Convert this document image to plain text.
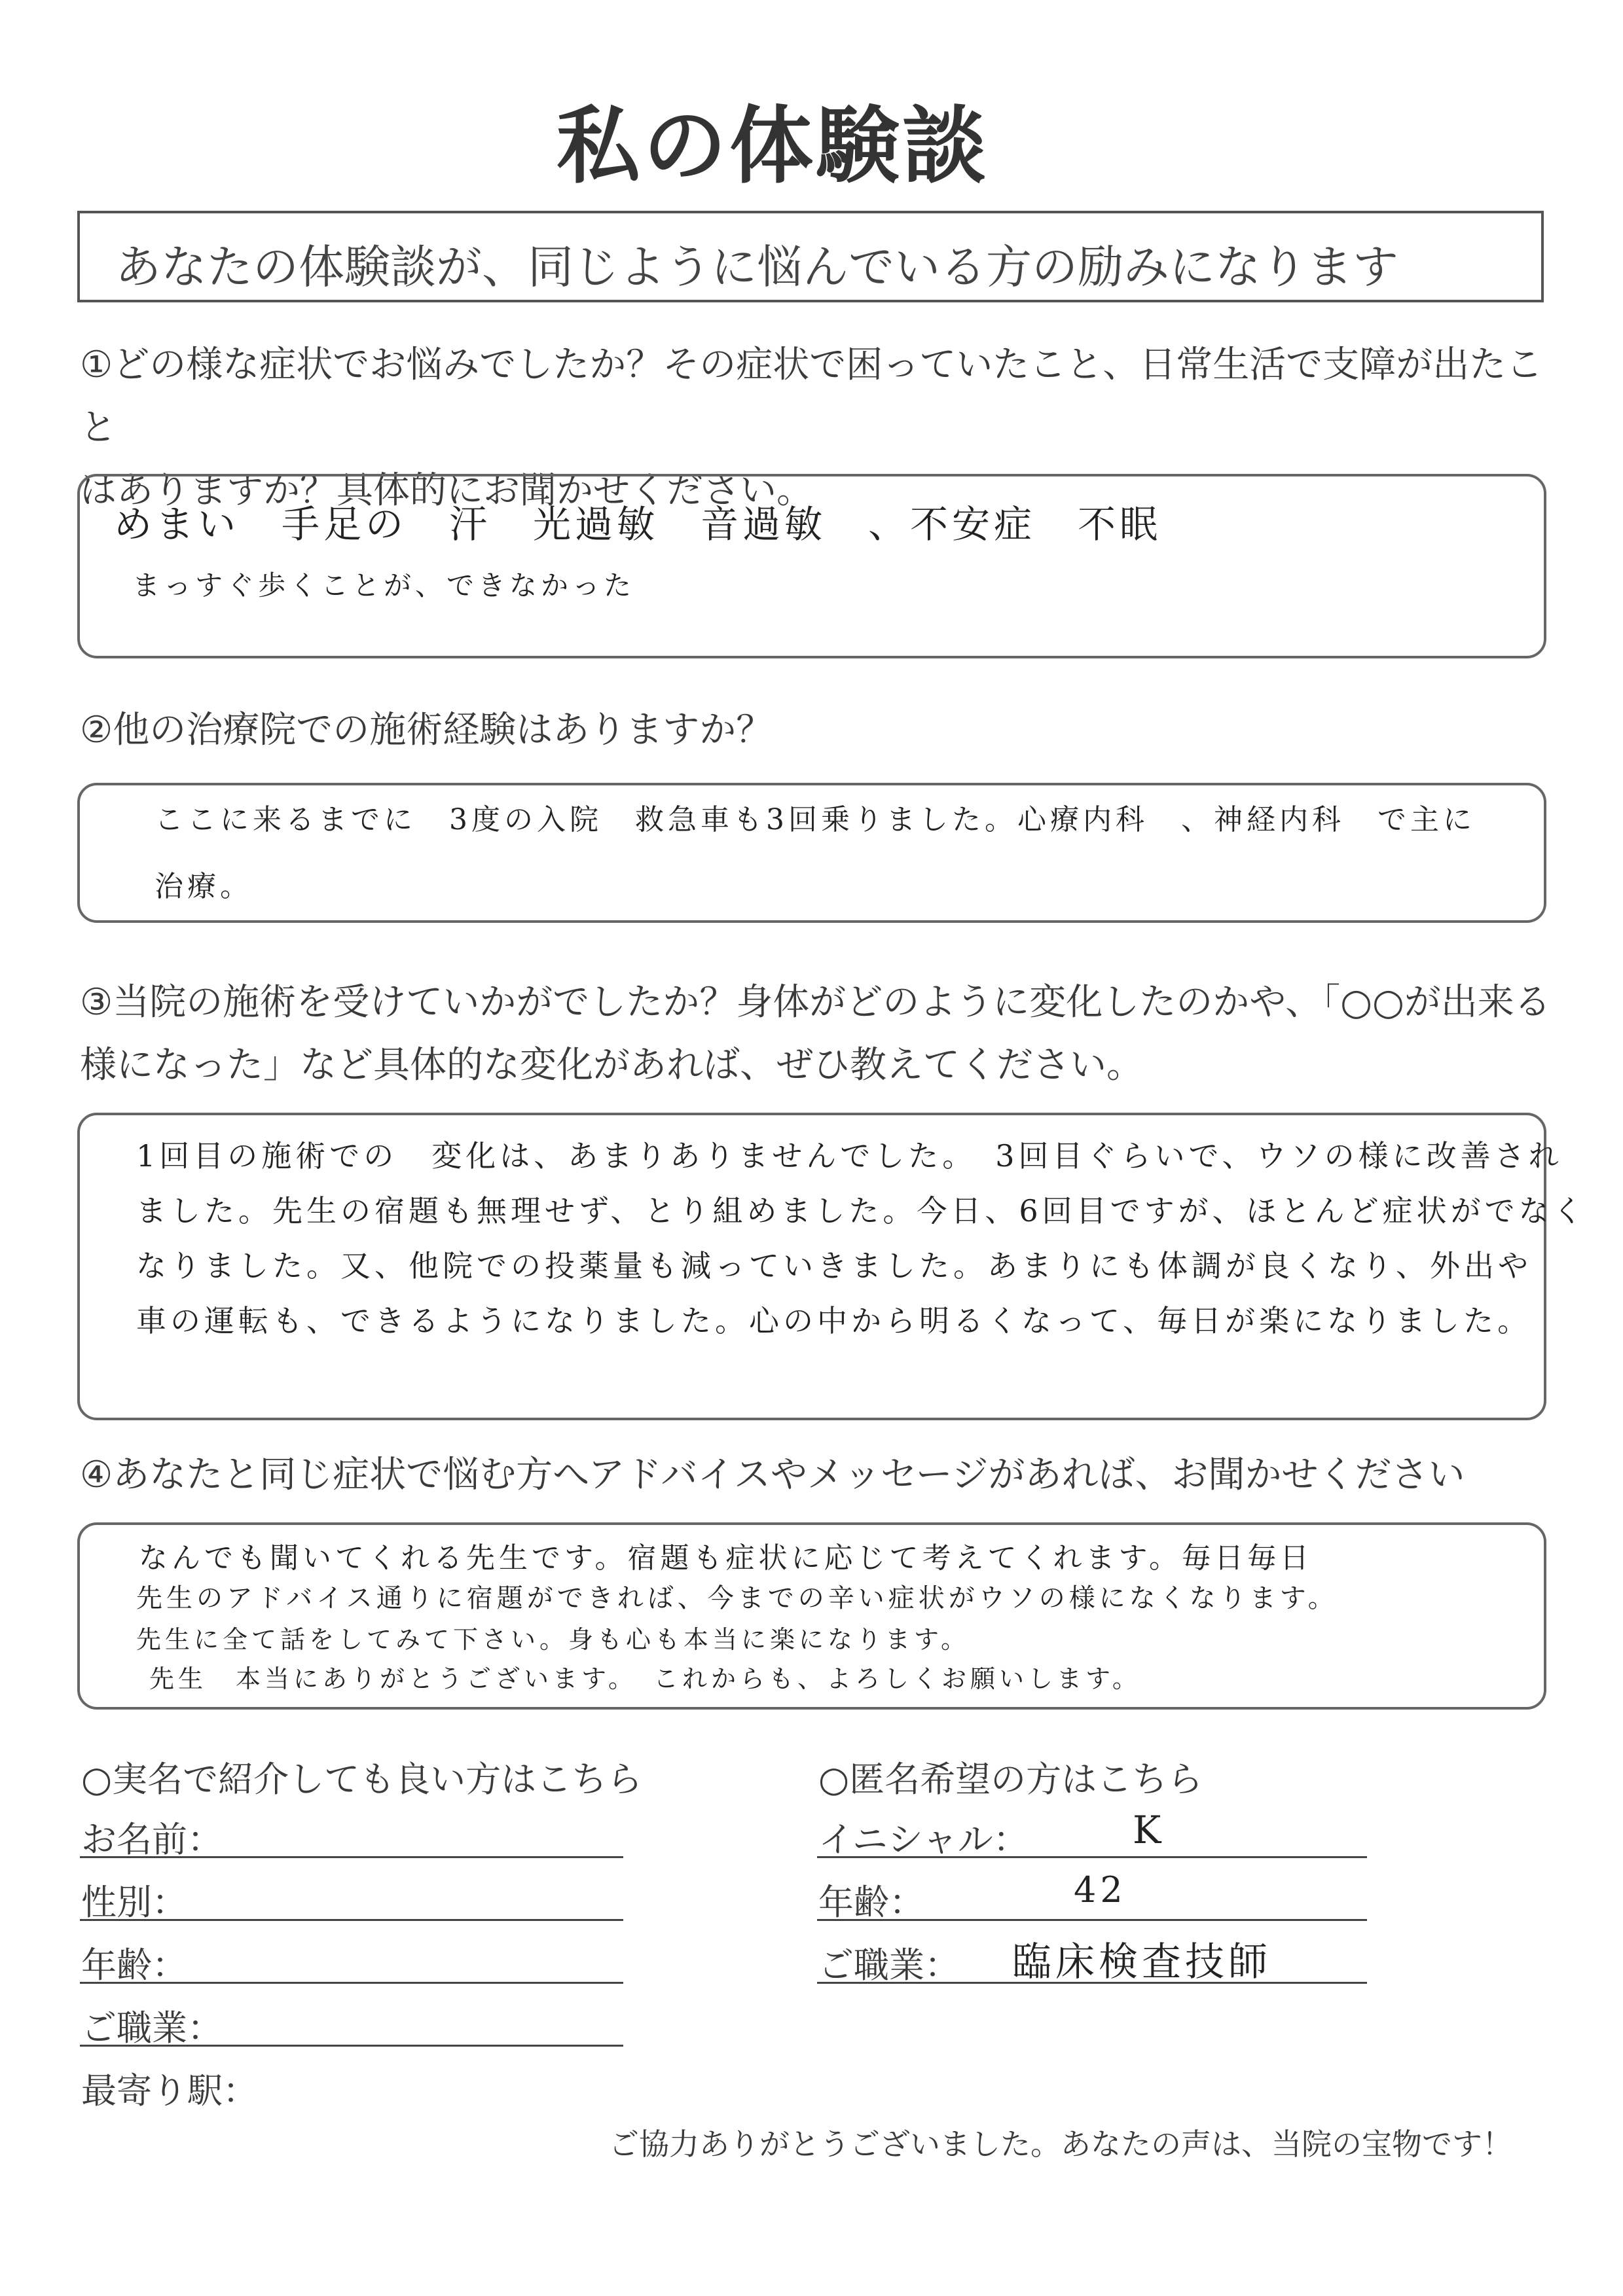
私の体験談
あなたの体験談が、同じように悩んでいる方の励みになります
①どの様な症状でお悩みでしたか？その症状で困っていたこと、日常生活で支障が出たこと
はありますか？具体的にお聞かせください。
めまい　手足の　汗　光過敏　音過敏　、不安症　不眠
まっすぐ歩くことが、できなかった
②他の治療院での施術経験はありますか？
ここに来るまでに　3度の入院　救急車も3回乗りました。心療内科　、神経内科　で主に
治療。
③当院の施術を受けていかがでしたか？身体がどのように変化したのかや、「○○が出来る
様になった」など具体的な変化があれば、ぜひ教えてください。
1回目の施術での　変化は、あまりありませんでした。　3回目ぐらいで、ウソの様に改善され
ました。先生の宿題も無理せず、とり組めました。今日、6回目ですが、ほとんど症状がでなく
なりました。又、他院での投薬量も減っていきました。あまりにも体調が良くなり、外出や
車の運転も、できるようになりました。心の中から明るくなって、毎日が楽になりました。
④あなたと同じ症状で悩む方へアドバイスやメッセージがあれば、お聞かせください
なんでも聞いてくれる先生です。宿題も症状に応じて考えてくれます。毎日毎日
先生のアドバイス通りに宿題ができれば、今までの辛い症状がウソの様になくなります。
先生に全て話をしてみて下さい。身も心も本当に楽になります。
先生　本当にありがとうございます。　これからも、よろしくお願いします。
○実名で紹介しても良い方はこちら
お名前：
性別：
年齢：
ご職業：
最寄り駅：
○匿名希望の方はこちら
イニシャル：	K
年齢：	42
ご職業： 臨床検査技師
ご協力ありがとうございました。あなたの声は、当院の宝物です！
